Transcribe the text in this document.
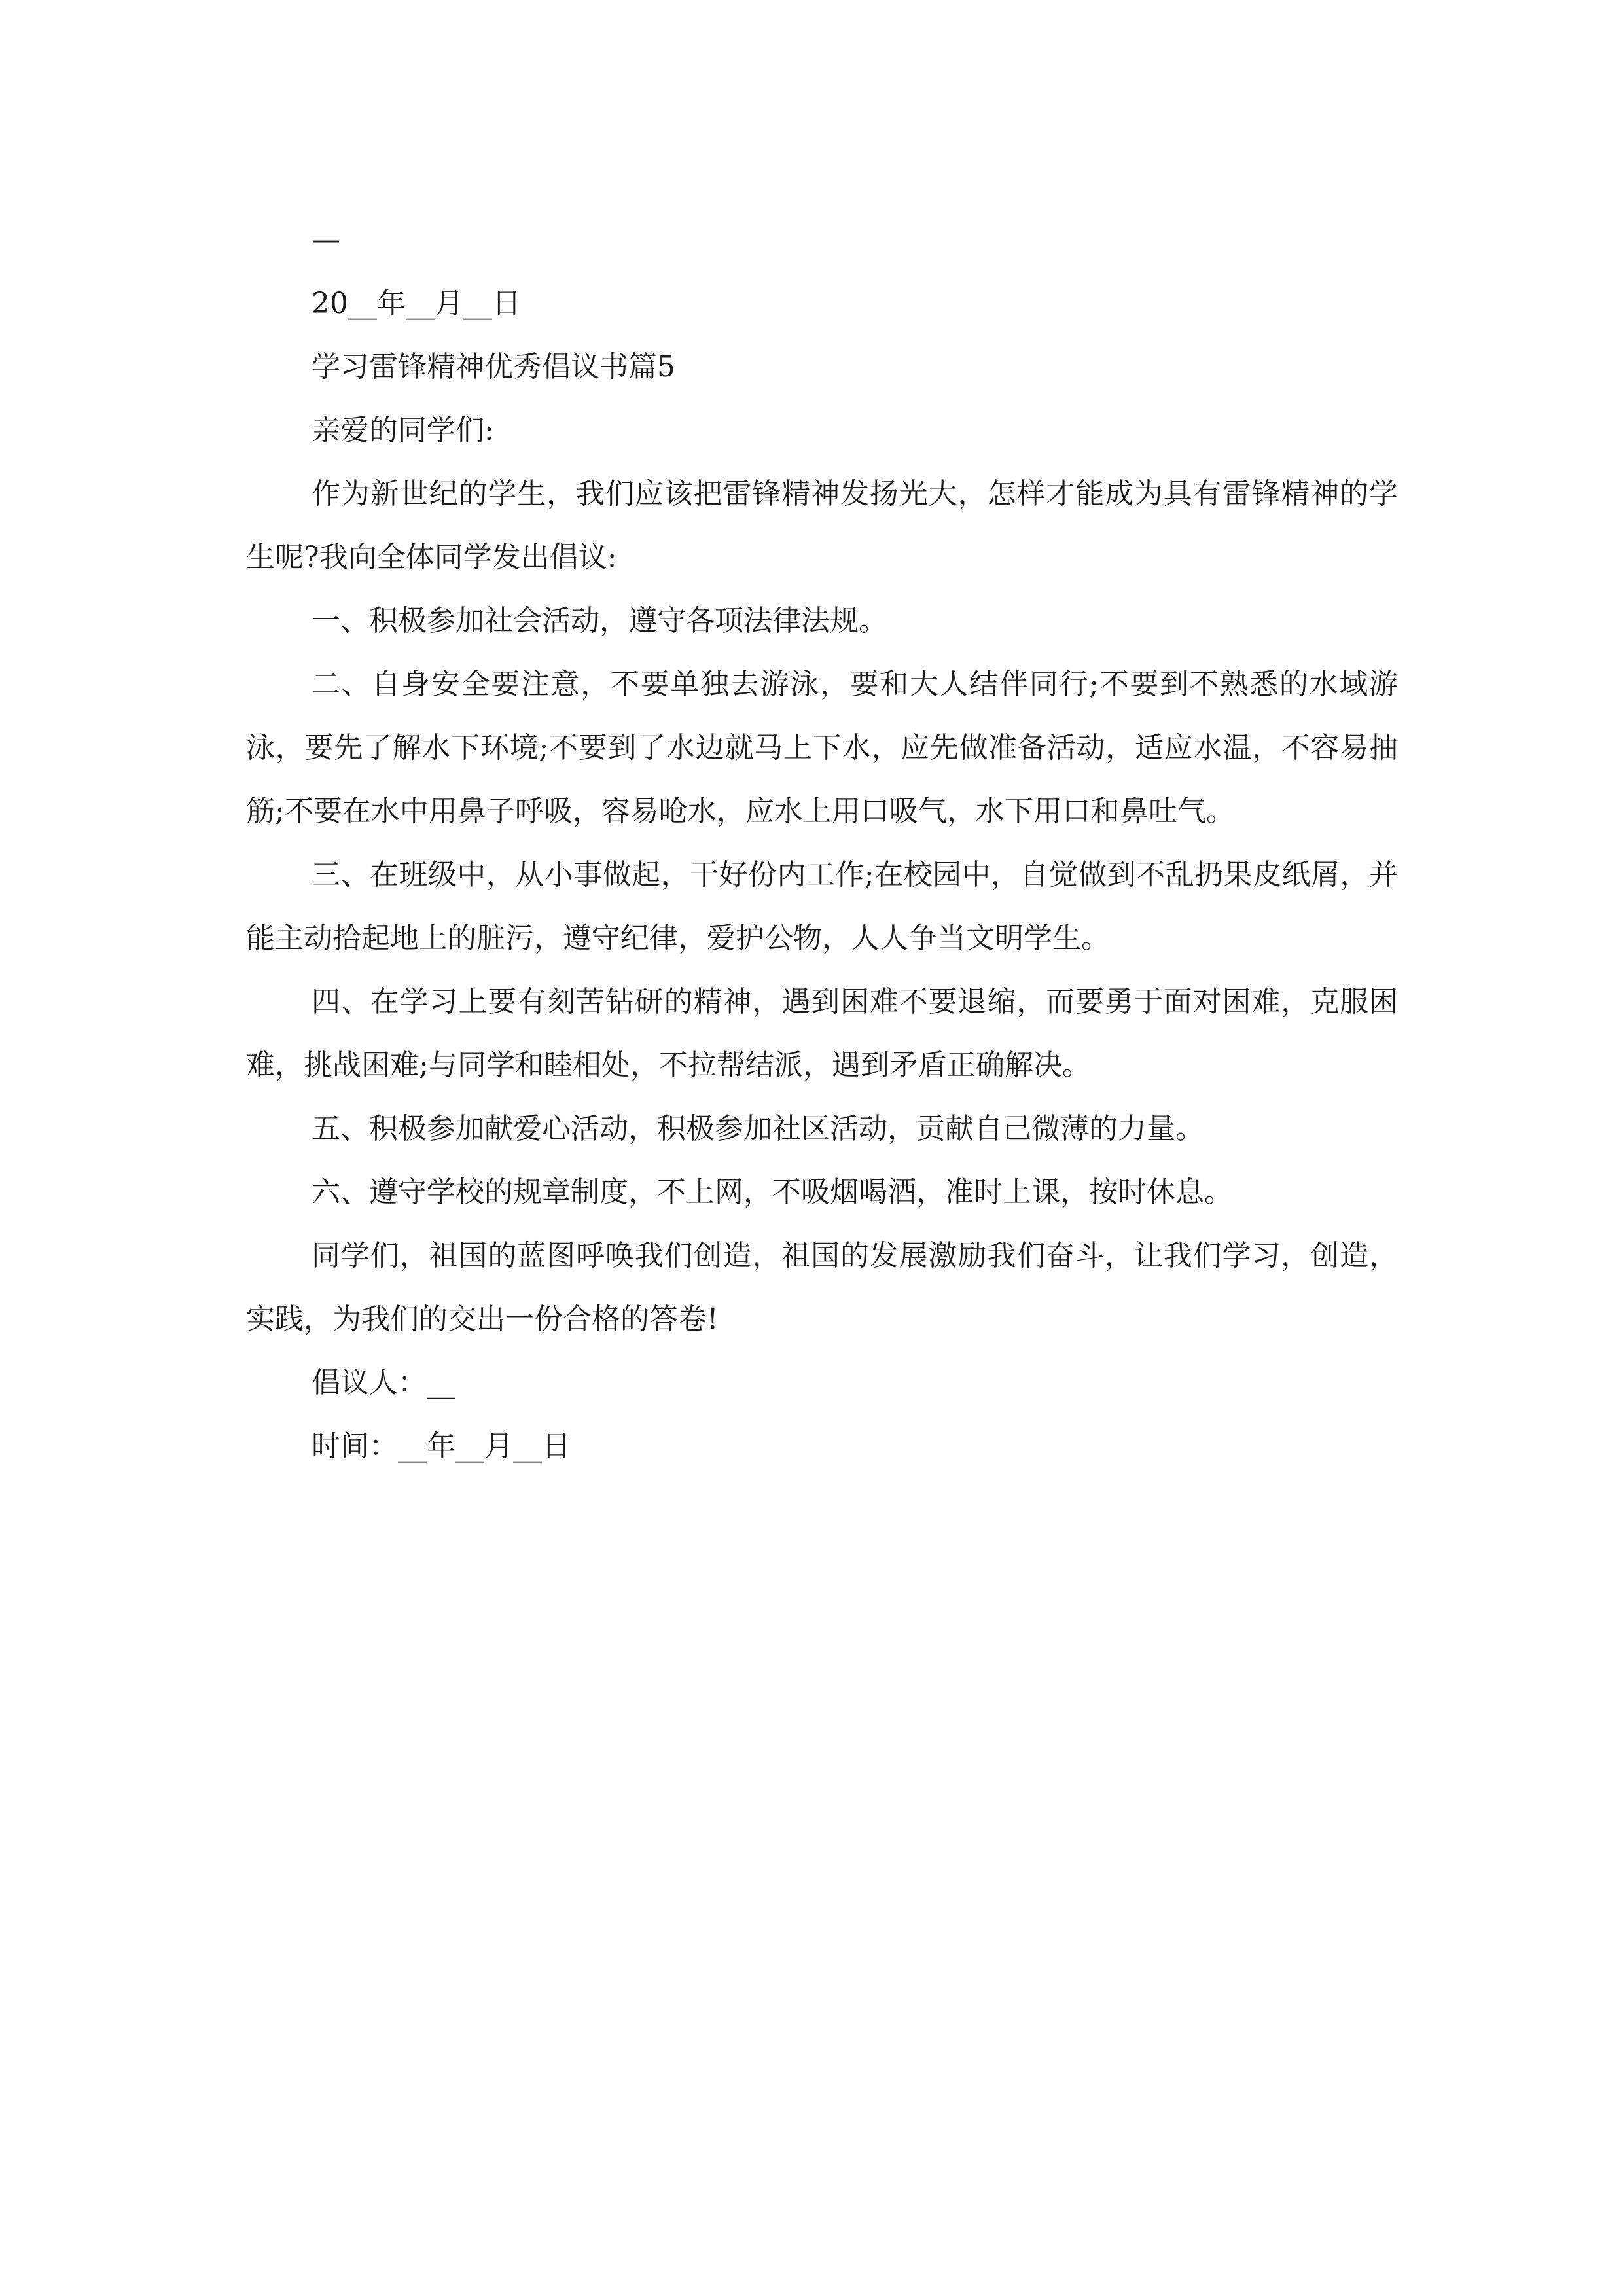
—

20__年__月__日

学习雷锋精神优秀倡议书篇5

亲爱的同学们:

作为新世纪的学生，我们应该把雷锋精神发扬光大，怎样才能成为具有雷锋精神的学生呢?我向全体同学发出倡议:

一、积极参加社会活动，遵守各项法律法规。

二、自身安全要注意，不要单独去游泳，要和大人结伴同行;不要到不熟悉的水域游泳，要先了解水下环境;不要到了水边就马上下水，应先做准备活动，适应水温，不容易抽筋;不要在水中用鼻子呼吸，容易呛水，应水上用口吸气，水下用口和鼻吐气。

三、在班级中，从小事做起，干好份内工作;在校园中，自觉做到不乱扔果皮纸屑，并能主动拾起地上的脏污，遵守纪律，爱护公物，人人争当文明学生。

四、在学习上要有刻苦钻研的精神，遇到困难不要退缩，而要勇于面对困难，克服困难，挑战困难;与同学和睦相处，不拉帮结派，遇到矛盾正确解决。

五、积极参加献爱心活动，积极参加社区活动，贡献自己微薄的力量。

六、遵守学校的规章制度，不上网，不吸烟喝酒，准时上课，按时休息。

同学们，祖国的蓝图呼唤我们创造，祖国的发展激励我们奋斗，让我们学习，创造，实践，为我们的交出一份合格的答卷!

倡议人：__

时间：__年__月__日
